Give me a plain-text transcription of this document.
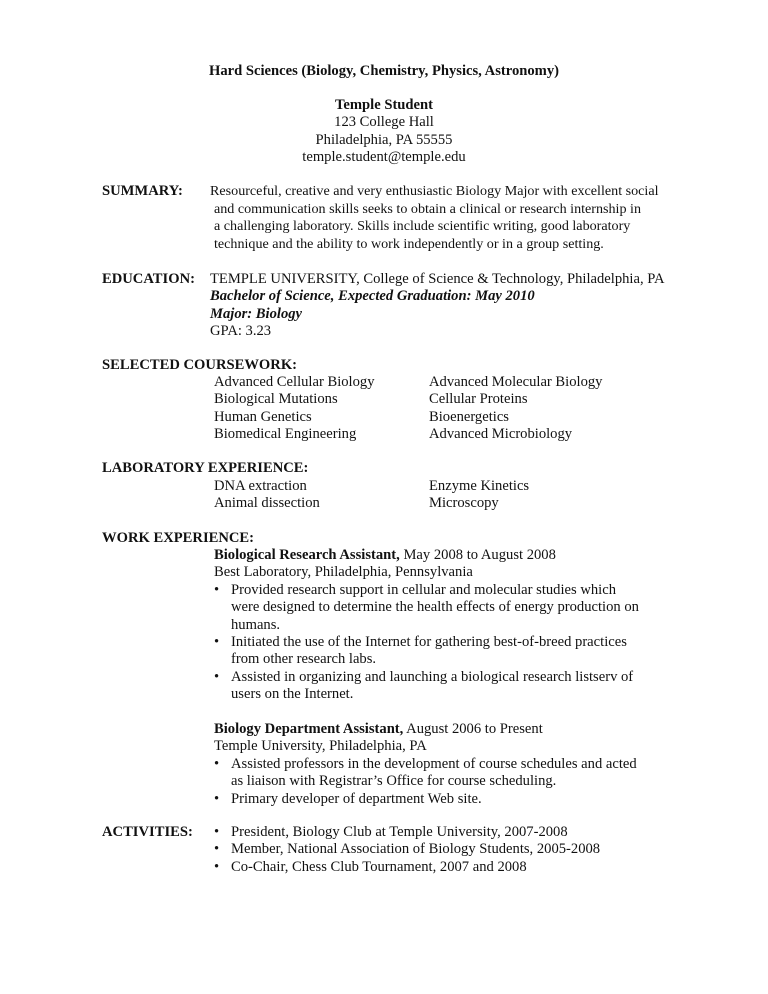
Hard Sciences (Biology, Chemistry, Physics, Astronomy)
Temple Student
123 College Hall
Philadelphia, PA 55555
temple.student@temple.edu
SUMMARY: Resourceful, creative and very enthusiastic Biology Major with excellent social
and communication skills seeks to obtain a clinical or research internship in
a challenging laboratory. Skills include scientific writing, good laboratory
technique and the ability to work independently or in a group setting.
EDUCATION: TEMPLE UNIVERSITY, College of Science & Technology, Philadelphia, PA
Bachelor of Science, Expected Graduation: May 2010
Major: Biology
GPA: 3.23
SELECTED COURSEWORK:
Advanced Cellular Biology
Biological Mutations
Human Genetics
Biomedical Engineering
Advanced Molecular Biology
Cellular Proteins
Bioenergetics
Advanced Microbiology
LABORATORY EXPERIENCE:
DNA extraction
Animal dissection
Enzyme Kinetics
Microscopy
WORK EXPERIENCE:
Biological Research Assistant, May 2008 to August 2008
Best Laboratory, Philadelphia, Pennsylvania
• Provided research support in cellular and molecular studies which
were designed to determine the health effects of energy production on
humans.
• Initiated the use of the Internet for gathering best-of-breed practices
from other research labs.
• Assisted in organizing and launching a biological research listserv of
users on the Internet.
Biology Department Assistant, August 2006 to Present
Temple University, Philadelphia, PA
• Assisted professors in the development of course schedules and acted
as liaison with Registrar’s Office for course scheduling.
• Primary developer of department Web site.
ACTIVITIES: • President, Biology Club at Temple University, 2007-2008
• Member, National Association of Biology Students, 2005-2008
• Co-Chair, Chess Club Tournament, 2007 and 2008
